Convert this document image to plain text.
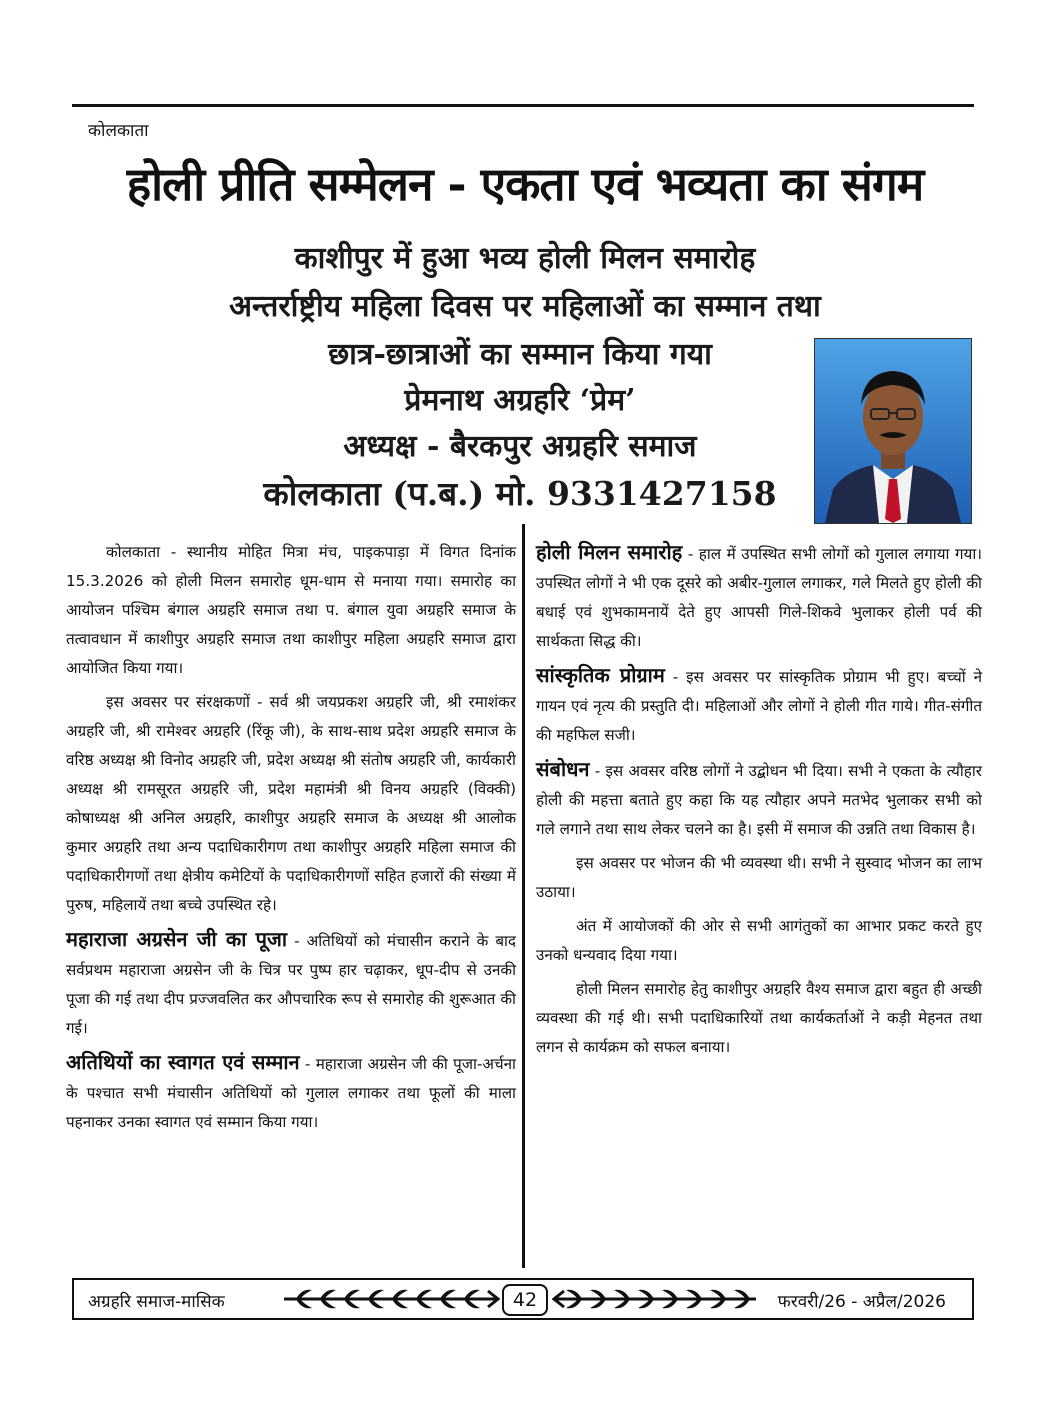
कोलकाता
होली प्रीति सम्मेलन - एकता एवं भव्यता का संगम
काशीपुर में हुआ भव्य होली मिलन समारोह
अन्तर्राष्ट्रीय महिला दिवस पर महिलाओं का सम्मान तथा
छात्र-छात्राओं का सम्मान किया गया
प्रेमनाथ अग्रहरि ‘प्रेम’
अध्यक्ष - बैरकपुर अग्रहरि समाज
कोलकाता (प.ब.) मो. 9331427158

कोलकाता - स्थानीय मोहित मित्रा मंच, पाइकपाड़ा में विगत दिनांक 15.3.2026 को होली मिलन समारोह धूम-धाम से मनाया गया। समारोह का आयोजन पश्चिम बंगाल अग्रहरि समाज तथा प. बंगाल युवा अग्रहरि समाज के तत्वावधान में काशीपुर अग्रहरि समाज तथा काशीपुर महिला अग्रहरि समाज द्वारा आयोजित किया गया।

इस अवसर पर संरक्षकणों - सर्व श्री जयप्रकश अग्रहरि जी, श्री रमाशंकर अग्रहरि जी, श्री रामेश्वर अग्रहरि (रिंकू जी), के साथ-साथ प्रदेश अग्रहरि समाज के वरिष्ठ अध्यक्ष श्री विनोद अग्रहरि जी, प्रदेश अध्यक्ष श्री संतोष अग्रहरि जी, कार्यकारी अध्यक्ष श्री रामसूरत अग्रहरि जी, प्रदेश महामंत्री श्री विनय अग्रहरि (विक्की) कोषाध्यक्ष श्री अनिल अग्रहरि, काशीपुर अग्रहरि समाज के अध्यक्ष श्री आलोक कुमार अग्रहरि तथा अन्य पदाधिकारीगण तथा काशीपुर अग्रहरि महिला समाज की पदाधिकारीगणों तथा क्षेत्रीय कमेटियों के पदाधिकारीगणों सहित हजारों की संख्या में पुरुष, महिलायें तथा बच्चे उपस्थित रहे।

महाराजा अग्रसेन जी का पूजा - अतिथियों को मंचासीन कराने के बाद सर्वप्रथम महाराजा अग्रसेन जी के चित्र पर पुष्प हार चढ़ाकर, धूप-दीप से उनकी पूजा की गई तथा दीप प्रज्जवलित कर औपचारिक रूप से समारोह की शुरूआत की गई।

अतिथियों का स्वागत एवं सम्मान - महाराजा अग्रसेन जी की पूजा-अर्चना के पश्चात सभी मंचासीन अतिथियों को गुलाल लगाकर तथा फूलों की माला पहनाकर उनका स्वागत एवं सम्मान किया गया।

होली मिलन समारोह - हाल में उपस्थित सभी लोगों को गुलाल लगाया गया। उपस्थित लोगों ने भी एक दूसरे को अबीर-गुलाल लगाकर, गले मिलते हुए होली की बधाई एवं शुभकामनायें देते हुए आपसी गिले-शिकवे भुलाकर होली पर्व की सार्थकता सिद्ध की।

सांस्कृतिक प्रोग्राम - इस अवसर पर सांस्कृतिक प्रोग्राम भी हुए। बच्चों ने गायन एवं नृत्य की प्रस्तुति दी। महिलाओं और लोगों ने होली गीत गाये। गीत-संगीत की महफिल सजी।

संबोधन - इस अवसर वरिष्ठ लोगों ने उद्बोधन भी दिया। सभी ने एकता के त्यौहार होली की महत्ता बताते हुए कहा कि यह त्यौहार अपने मतभेद भुलाकर सभी को गले लगाने तथा साथ लेकर चलने का है। इसी में समाज की उन्नति तथा विकास है।

इस अवसर पर भोजन की भी व्यवस्था थी। सभी ने सुस्वाद भोजन का लाभ उठाया।

अंत में आयोजकों की ओर से सभी आगंतुकों का आभार प्रकट करते हुए उनको धन्यवाद दिया गया।

होली मिलन समारोह हेतु काशीपुर अग्रहरि वैश्य समाज द्वारा बहुत ही अच्छी व्यवस्था की गई थी। सभी पदाधिकारियों तथा कार्यकर्ताओं ने कड़ी मेहनत तथा लगन से कार्यक्रम को सफल बनाया।

अग्रहरि समाज-मासिक	42	फरवरी/26 - अप्रैल/2026
